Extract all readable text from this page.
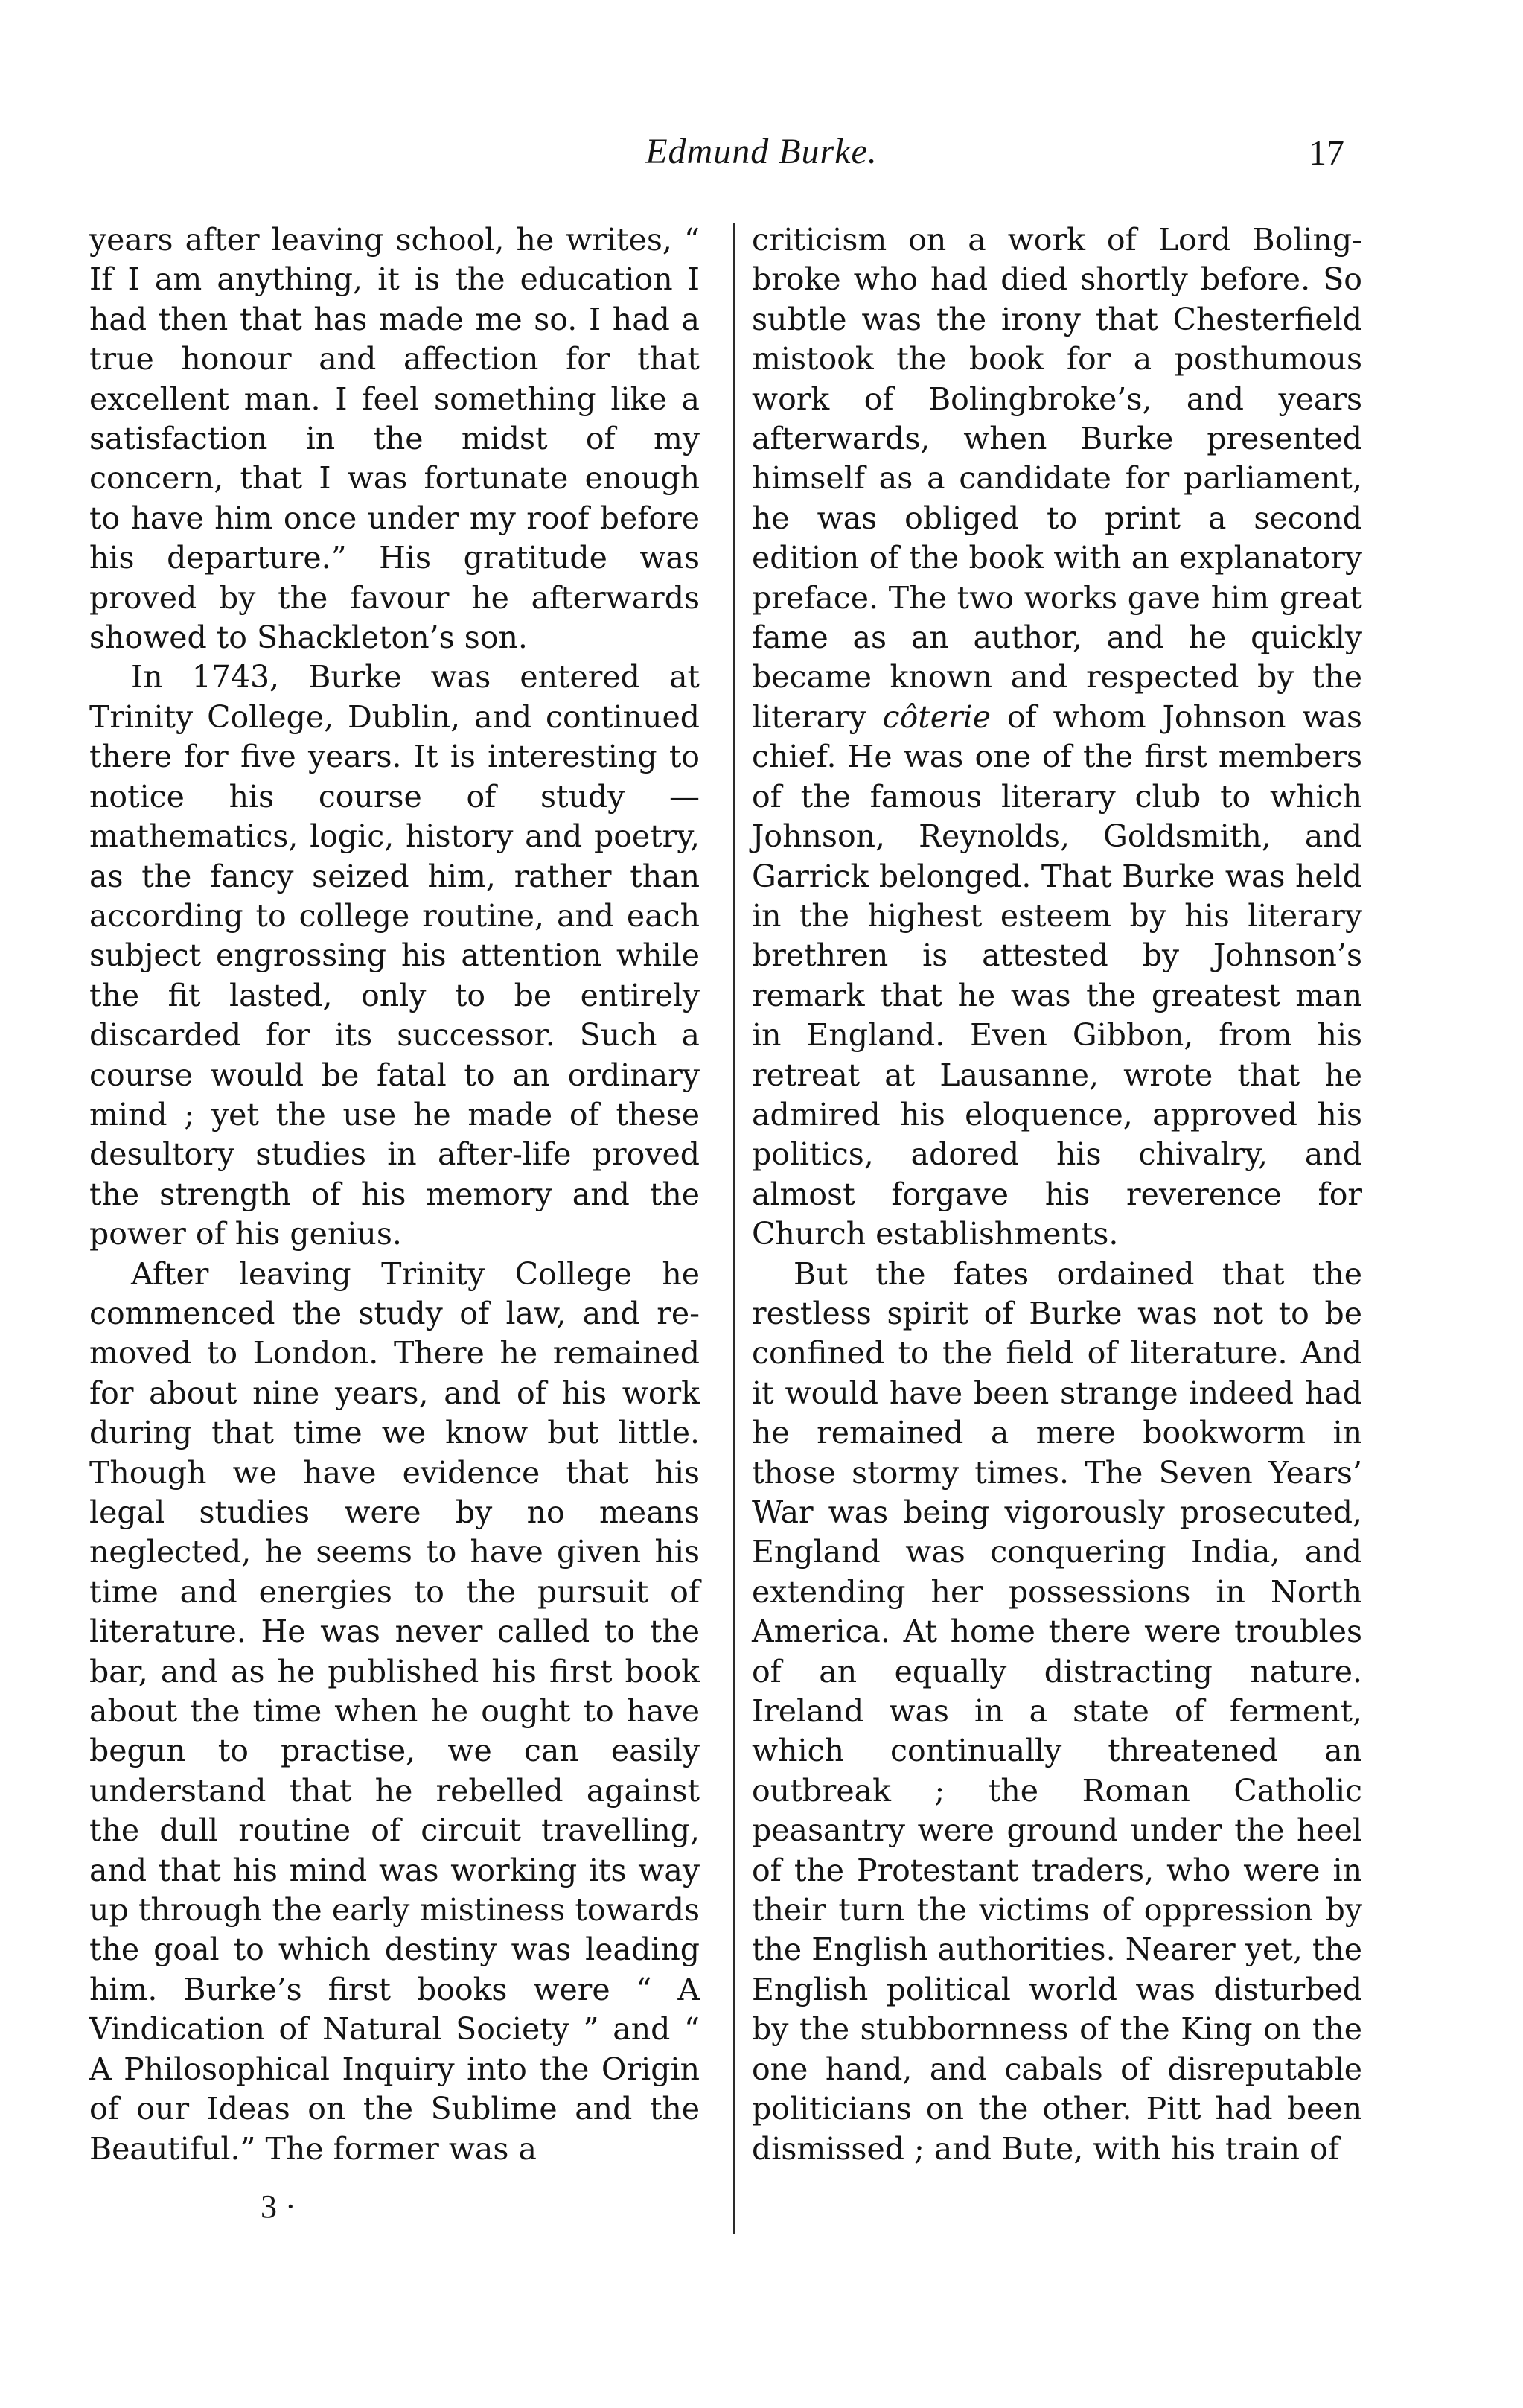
Edmund Burke.	17

years after leaving school, he writes, “ If I am anything, it is the education I had then that has made me so. I had a true honour and affection for that excellent man. I feel something like a satisfaction in the midst of my concern, that I was fortunate enough to have him once under my roof before his departure.” His gratitude was proved by the favour he afterwards showed to Shackleton’s son.

In 1743, Burke was entered at Trinity College, Dublin, and continued there for five years. It is interesting to notice his course of study — mathematics, logic, history and poetry, as the fancy seized him, rather than according to college routine, and each subject engrossing his attention while the fit lasted, only to be entirely discarded for its successor. Such a course would be fatal to an ordinary mind ; yet the use he made of these desultory studies in after-life proved the strength of his memory and the power of his genius.

After leaving Trinity College he commenced the study of law, and removed to London. There he remained for about nine years, and of his work during that time we know but little. Though we have evidence that his legal studies were by no means neglected, he seems to have given his time and energies to the pursuit of literature. He was never called to the bar, and as he published his first book about the time when he ought to have begun to practise, we can easily understand that he rebelled against the dull routine of circuit travelling, and that his mind was working its way up through the early mistiness towards the goal to which destiny was leading him. Burke’s first books were “ A Vindication of Natural Society ” and “ A Philosophical Inquiry into the Origin of our Ideas on the Sublime and the Beautiful.” The former was a

criticism on a work of Lord Bolingbroke who had died shortly before. So subtle was the irony that Chesterfield mistook the book for a posthumous work of Bolingbroke’s, and years afterwards, when Burke presented himself as a candidate for parliament, he was obliged to print a second edition of the book with an explanatory preface. The two works gave him great fame as an author, and he quickly became known and respected by the literary côterie of whom Johnson was chief. He was one of the first members of the famous literary club to which Johnson, Reynolds, Goldsmith, and Garrick belonged. That Burke was held in the highest esteem by his literary brethren is attested by Johnson’s remark that he was the greatest man in England. Even Gibbon, from his retreat at Lausanne, wrote that he admired his eloquence, approved his politics, adored his chivalry, and almost forgave his reverence for Church establishments.

But the fates ordained that the restless spirit of Burke was not to be confined to the field of literature. And it would have been strange indeed had he remained a mere bookworm in those stormy times. The Seven Years’ War was being vigorously prosecuted, England was conquering India, and extending her possessions in North America. At home there were troubles of an equally distracting nature. Ireland was in a state of ferment, which continually threatened an outbreak ; the Roman Catholic peasantry were ground under the heel of the Protestant traders, who were in their turn the victims of oppression by the English authorities. Nearer yet, the English political world was disturbed by the stubbornness of the King on the one hand, and cabals of disreputable politicians on the other. Pitt had been dismissed ; and Bute, with his train of

3 ·
